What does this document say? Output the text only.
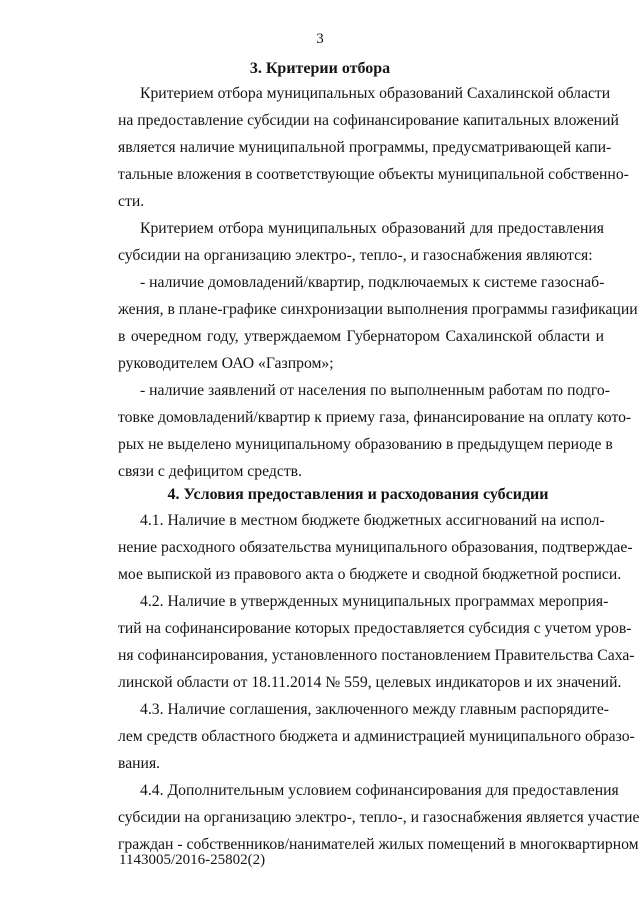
3
3. Критерии отбора
Критерием отбора муниципальных образований Сахалинской области
на предоставление субсидии на софинансирование капитальных вложений
является наличие муниципальной программы, предусматривающей капи-
тальные вложения в соответствующие объекты муниципальной собственно-
сти.
Критерием отбора муниципальных образований для предоставления
субсидии на организацию электро-, тепло-, и газоснабжения являются:
- наличие домовладений/квартир, подключаемых к системе газоснаб-
жения, в плане-графике синхронизации выполнения программы газификации
в очередном году, утверждаемом Губернатором Сахалинской области и
руководителем ОАО «Газпром»;
- наличие заявлений от населения по выполненным работам по подго-
товке домовладений/квартир к приему газа, финансирование на оплату кото-
рых не выделено муниципальному образованию в предыдущем периоде в
связи с дефицитом средств.
4. Условия предоставления и расходования субсидии
4.1. Наличие в местном бюджете бюджетных ассигнований на испол-
нение расходного обязательства муниципального образования, подтверждае-
мое выпиской из правового акта о бюджете и сводной бюджетной росписи.
4.2. Наличие в утвержденных муниципальных программах мероприя-
тий на софинансирование которых предоставляется субсидия с учетом уров-
ня софинансирования, установленного постановлением Правительства Саха-
линской области от 18.11.2014 № 559, целевых индикаторов и их значений.
4.3. Наличие соглашения, заключенного между главным распорядите-
лем средств областного бюджета и администрацией муниципального образо-
вания.
4.4. Дополнительным условием софинансирования для предоставления
субсидии на организацию электро-, тепло-, и газоснабжения является участие
граждан - собственников/нанимателей жилых помещений в многоквартирном
1143005/2016-25802(2)
